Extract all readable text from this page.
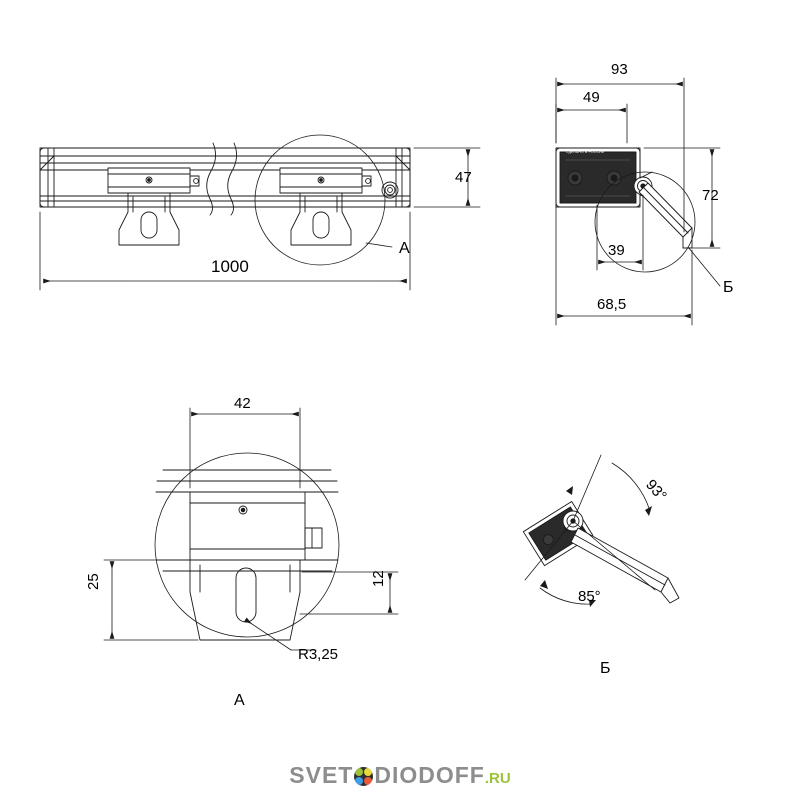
1000
47
A
93
49
72
39
68,5
Б
СДЕЛАНО В РОССИИ
42
25	12
R3,25
A
93°
85°
Б
SVET DIODOFF.RU
